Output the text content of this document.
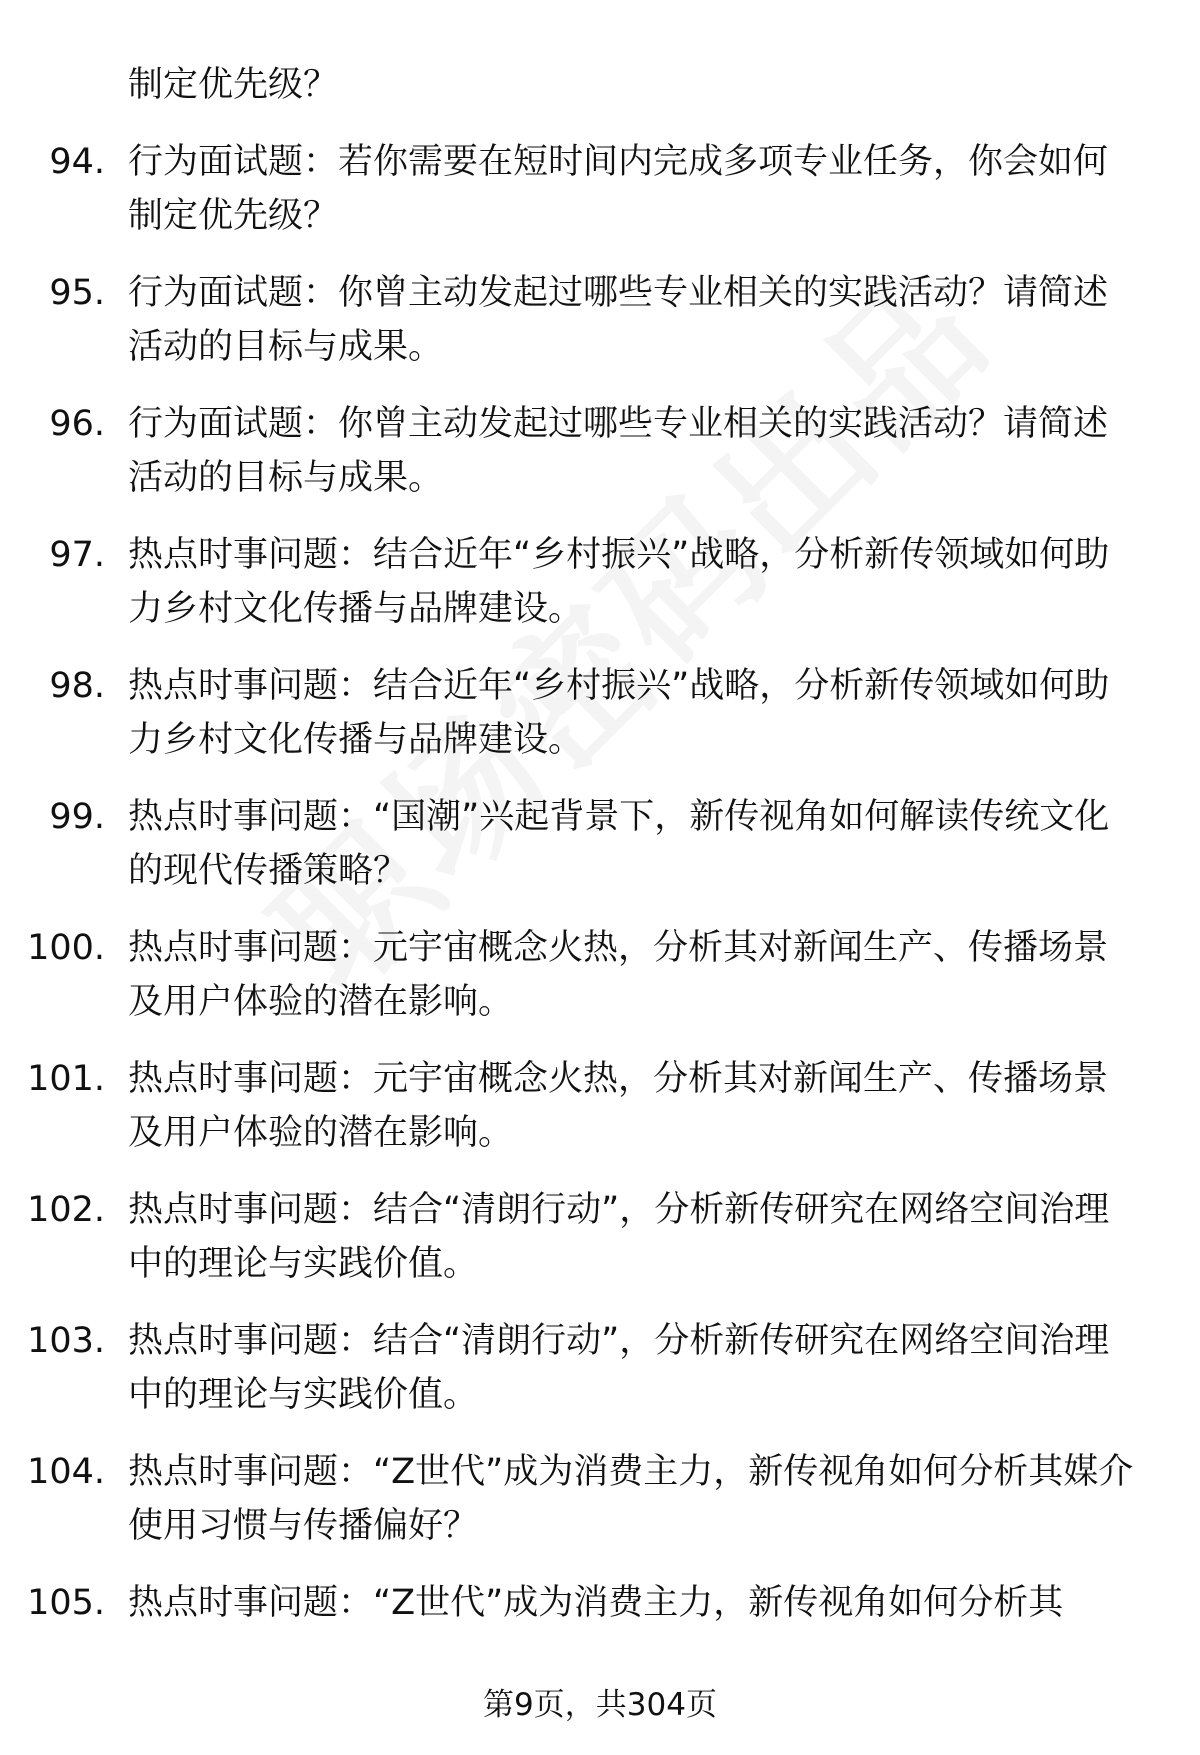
制定优先级？
94. 行为面试题：若你需要在短时间内完成多项专业任务，你会如何制定优先级？
95. 行为面试题：你曾主动发起过哪些专业相关的实践活动？请简述活动的目标与成果。
96. 行为面试题：你曾主动发起过哪些专业相关的实践活动？请简述活动的目标与成果。
97. 热点时事问题：结合近年“乡村振兴”战略，分析新传领域如何助力乡村文化传播与品牌建设。
98. 热点时事问题：结合近年“乡村振兴”战略，分析新传领域如何助力乡村文化传播与品牌建设。
99. 热点时事问题：“国潮”兴起背景下，新传视角如何解读传统文化的现代传播策略？
100. 热点时事问题：元宇宙概念火热，分析其对新闻生产、传播场景及用户体验的潜在影响。
101. 热点时事问题：元宇宙概念火热，分析其对新闻生产、传播场景及用户体验的潜在影响。
102. 热点时事问题：结合“清朗行动”，分析新传研究在网络空间治理中的理论与实践价值。
103. 热点时事问题：结合“清朗行动”，分析新传研究在网络空间治理中的理论与实践价值。
104. 热点时事问题：“Z世代”成为消费主力，新传视角如何分析其媒介使用习惯与传播偏好？
105. 热点时事问题：“Z世代”成为消费主力，新传视角如何分析其
第9页，共304页
